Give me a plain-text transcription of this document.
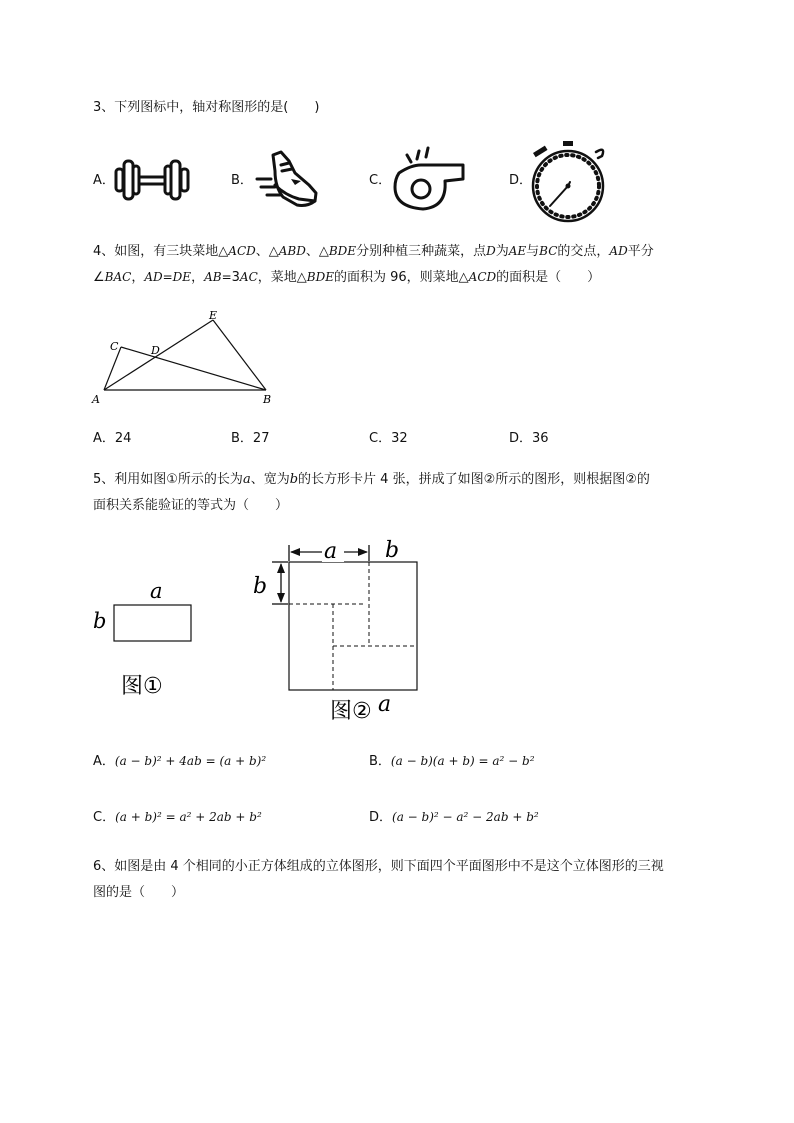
3、下列图标中，轴对称图形的是(　　)
A．	B．	C．	D．
4、如图，有三块菜地△ACD、△ABD、△BDE分别种植三种蔬菜，点D为AE与BC的交点，AD平分
∠BAC，AD=DE，AB=3AC，菜地△BDE的面积为 96，则菜地△ACD的面积是（　　）
A	B
C	D
E
A．24	B．27	C．32	D．36
5、利用如图①所示的长为a、宽为b的长方形卡片 4 张，拼成了如图②所示的图形，则根据图②的
面积关系能验证的等式为（　　）
a
b
图①
a b
b
图② a
A．(a − b)² + 4ab = (a + b)²	B．(a − b)(a + b) = a² − b²
C．(a + b)² = a² + 2ab + b²	D．(a − b)² − a² − 2ab + b²
6、如图是由 4 个相同的小正方体组成的立体图形，则下面四个平面图形中不是这个立体图形的三视
图的是（　　）
